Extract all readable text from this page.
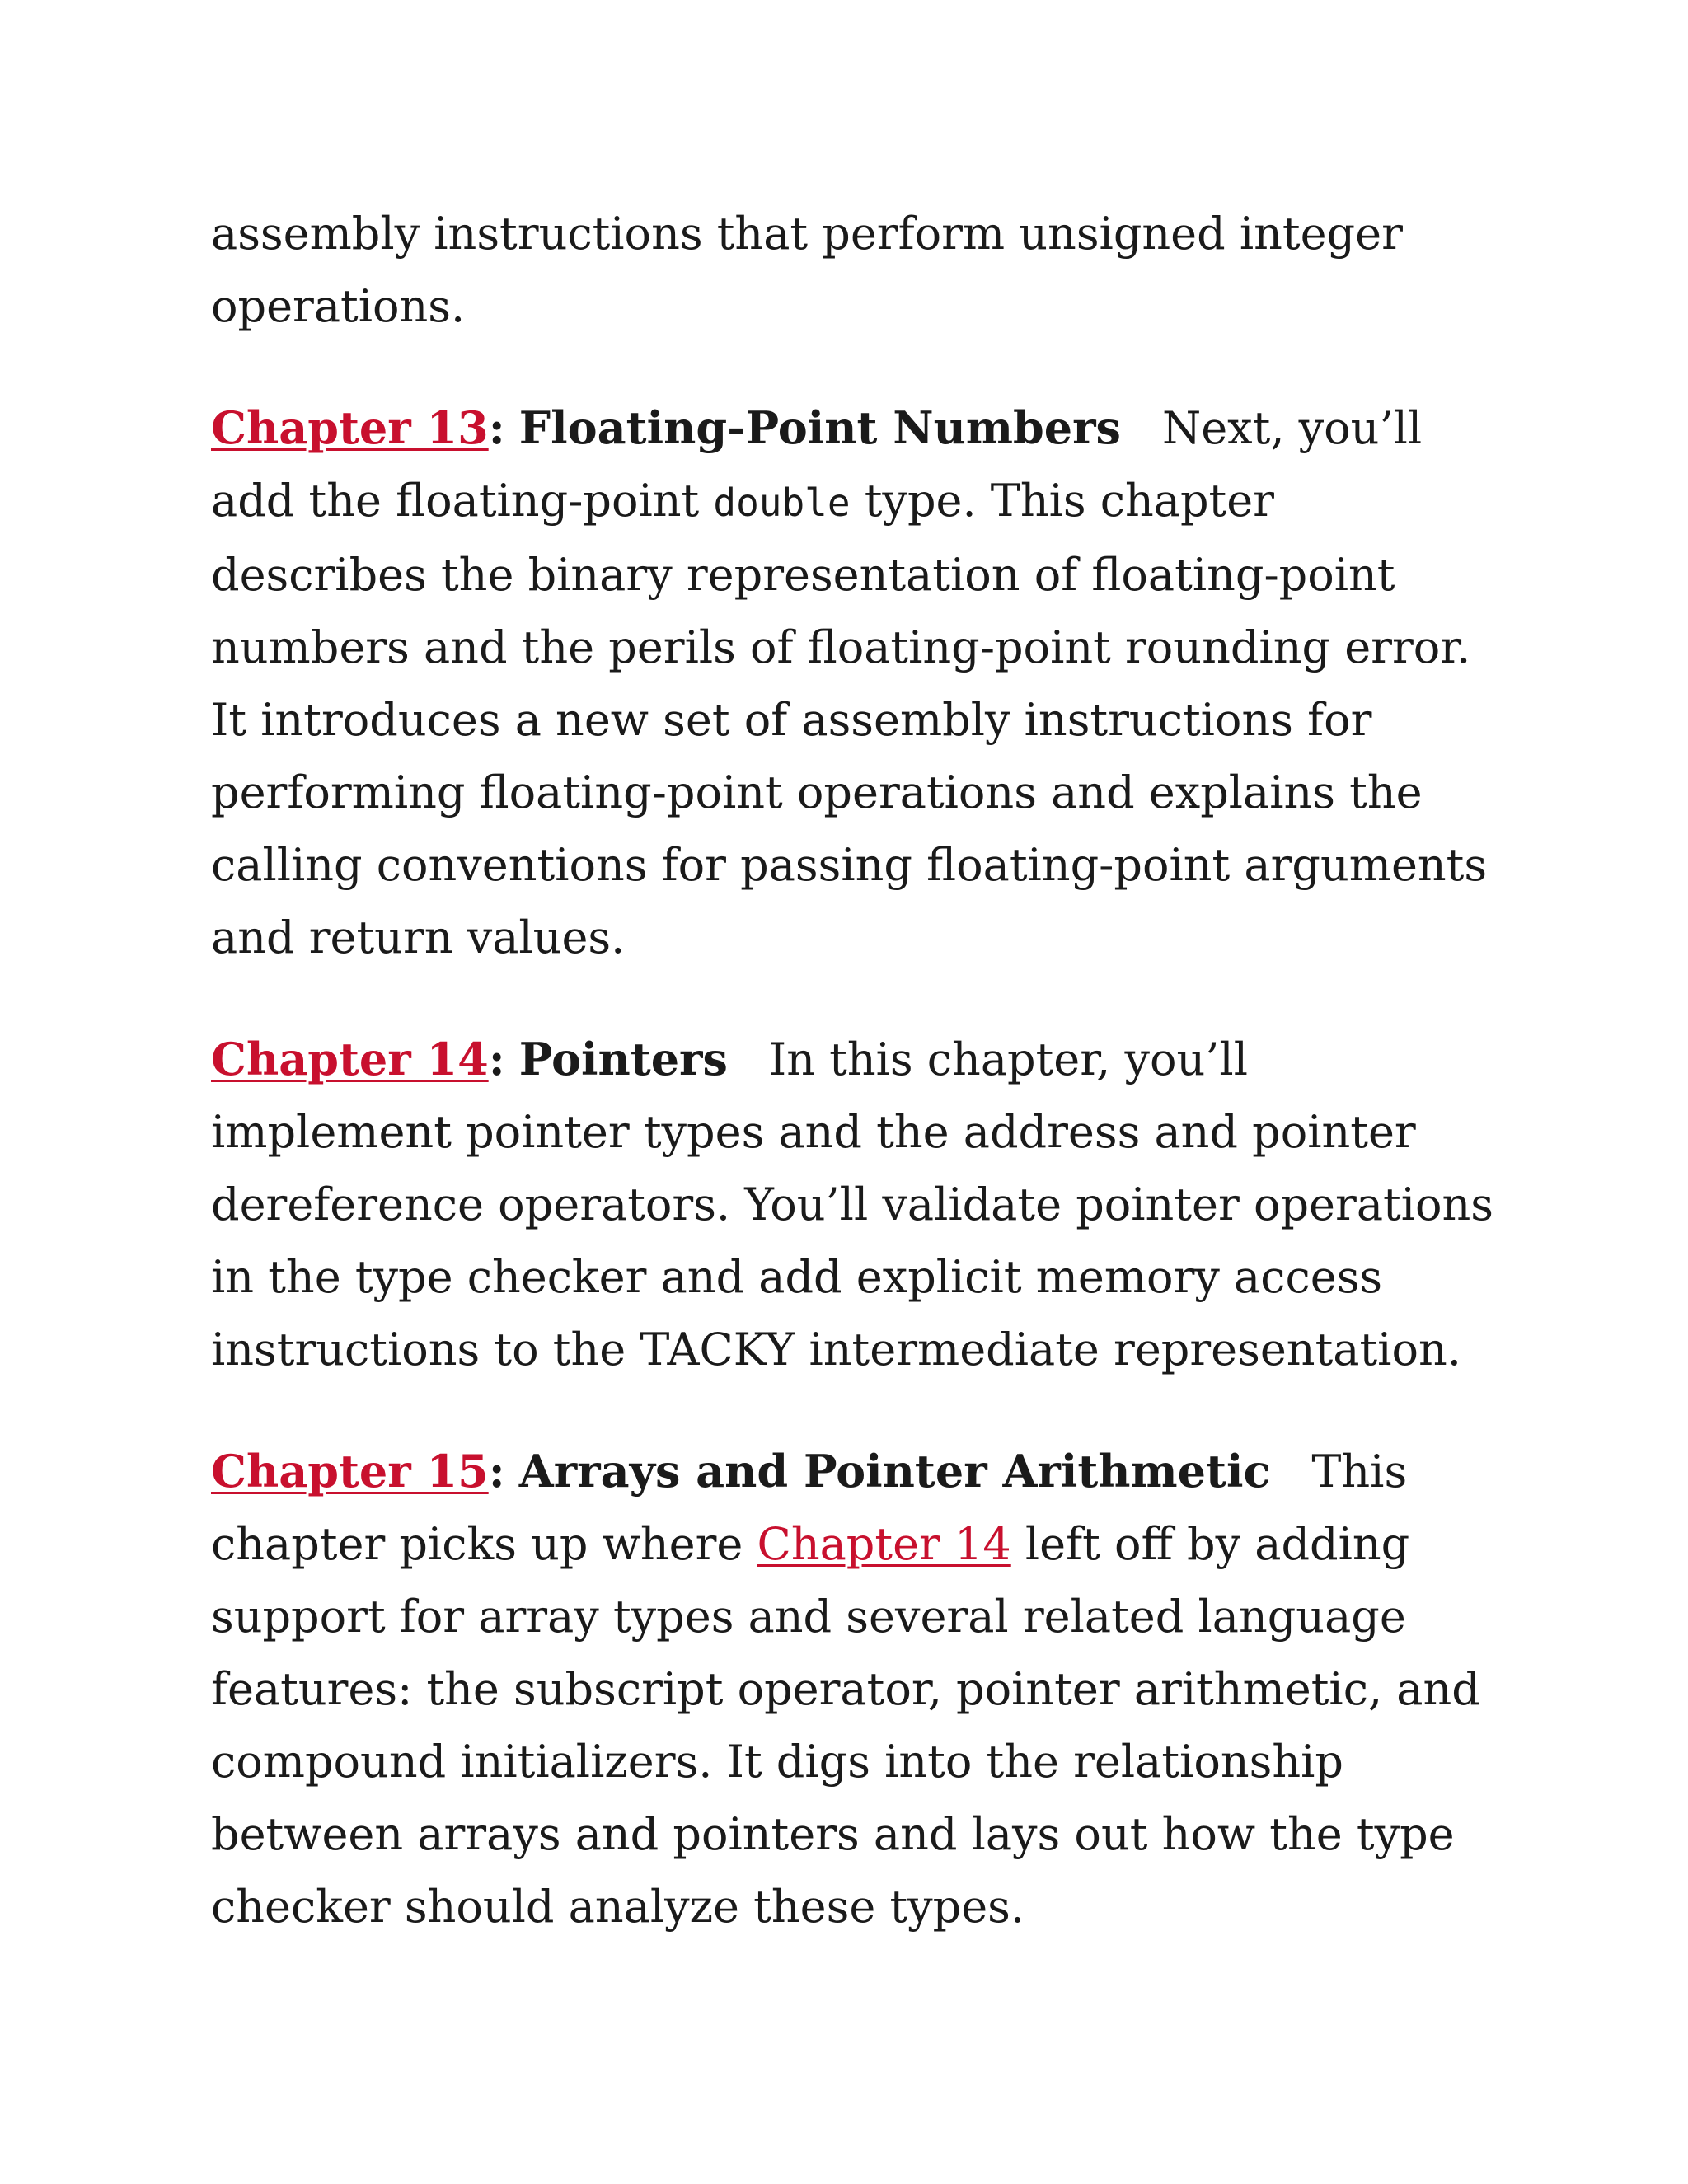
assembly instructions that perform unsigned integer operations.

Chapter 13: Floating-Point Numbers Next, you’ll add the floating-point double type. This chapter describes the binary representation of floating-point numbers and the perils of floating-point rounding error. It introduces a new set of assembly instructions for performing floating-point operations and explains the calling conventions for passing floating-point arguments and return values.

Chapter 14: Pointers In this chapter, you’ll implement pointer types and the address and pointer dereference operators. You’ll validate pointer operations in the type checker and add explicit memory access instructions to the TACKY intermediate representation.

Chapter 15: Arrays and Pointer Arithmetic This chapter picks up where Chapter 14 left off by adding support for array types and several related language features: the subscript operator, pointer arithmetic, and compound initializers. It digs into the relationship between arrays and pointers and lays out how the type checker should analyze these types.
